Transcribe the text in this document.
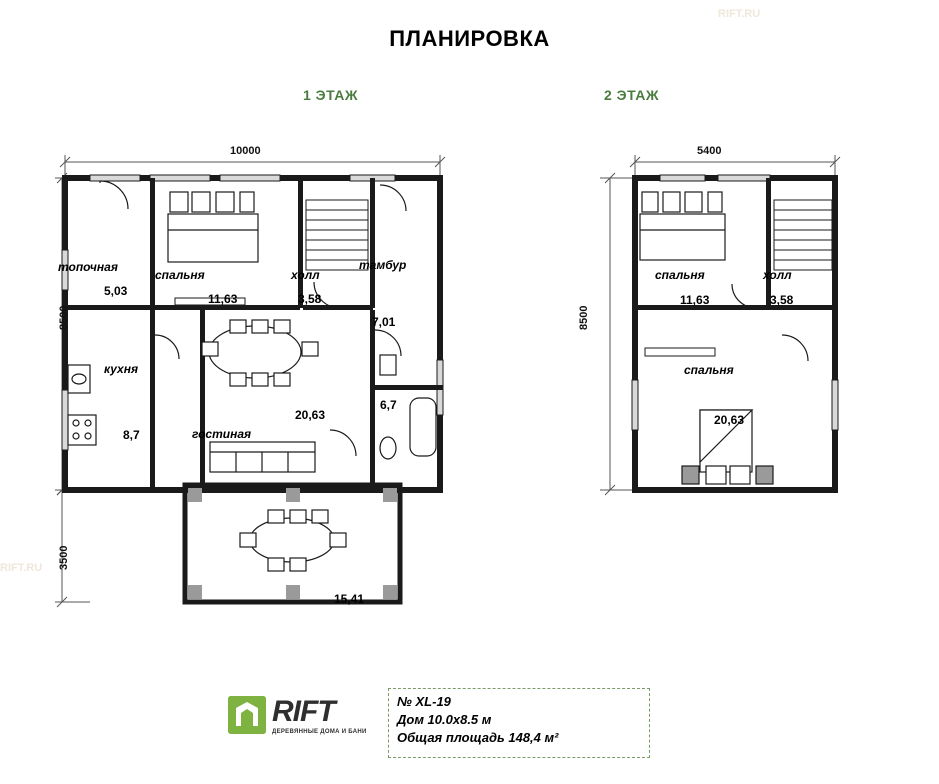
ПЛАНИРОВКА
RIFT.RU
RIFT.RU
1 ЭТАЖ	2 ЭТАЖ
10000
8500
3500
топочная
5,03
спальня
11,63
холл
3,58
тамбур
7,01
кухня
8,7	гостиная
20,63
6,7
15,41
5400
8500
спальня
11,63
холл
3,58
спальня
20,63
RIFT
ДЕРЕВЯННЫЕ ДОМА И БАНИ
№ XL-19
Дом 10.0х8.5 м
Общая площадь 148,4 м²
